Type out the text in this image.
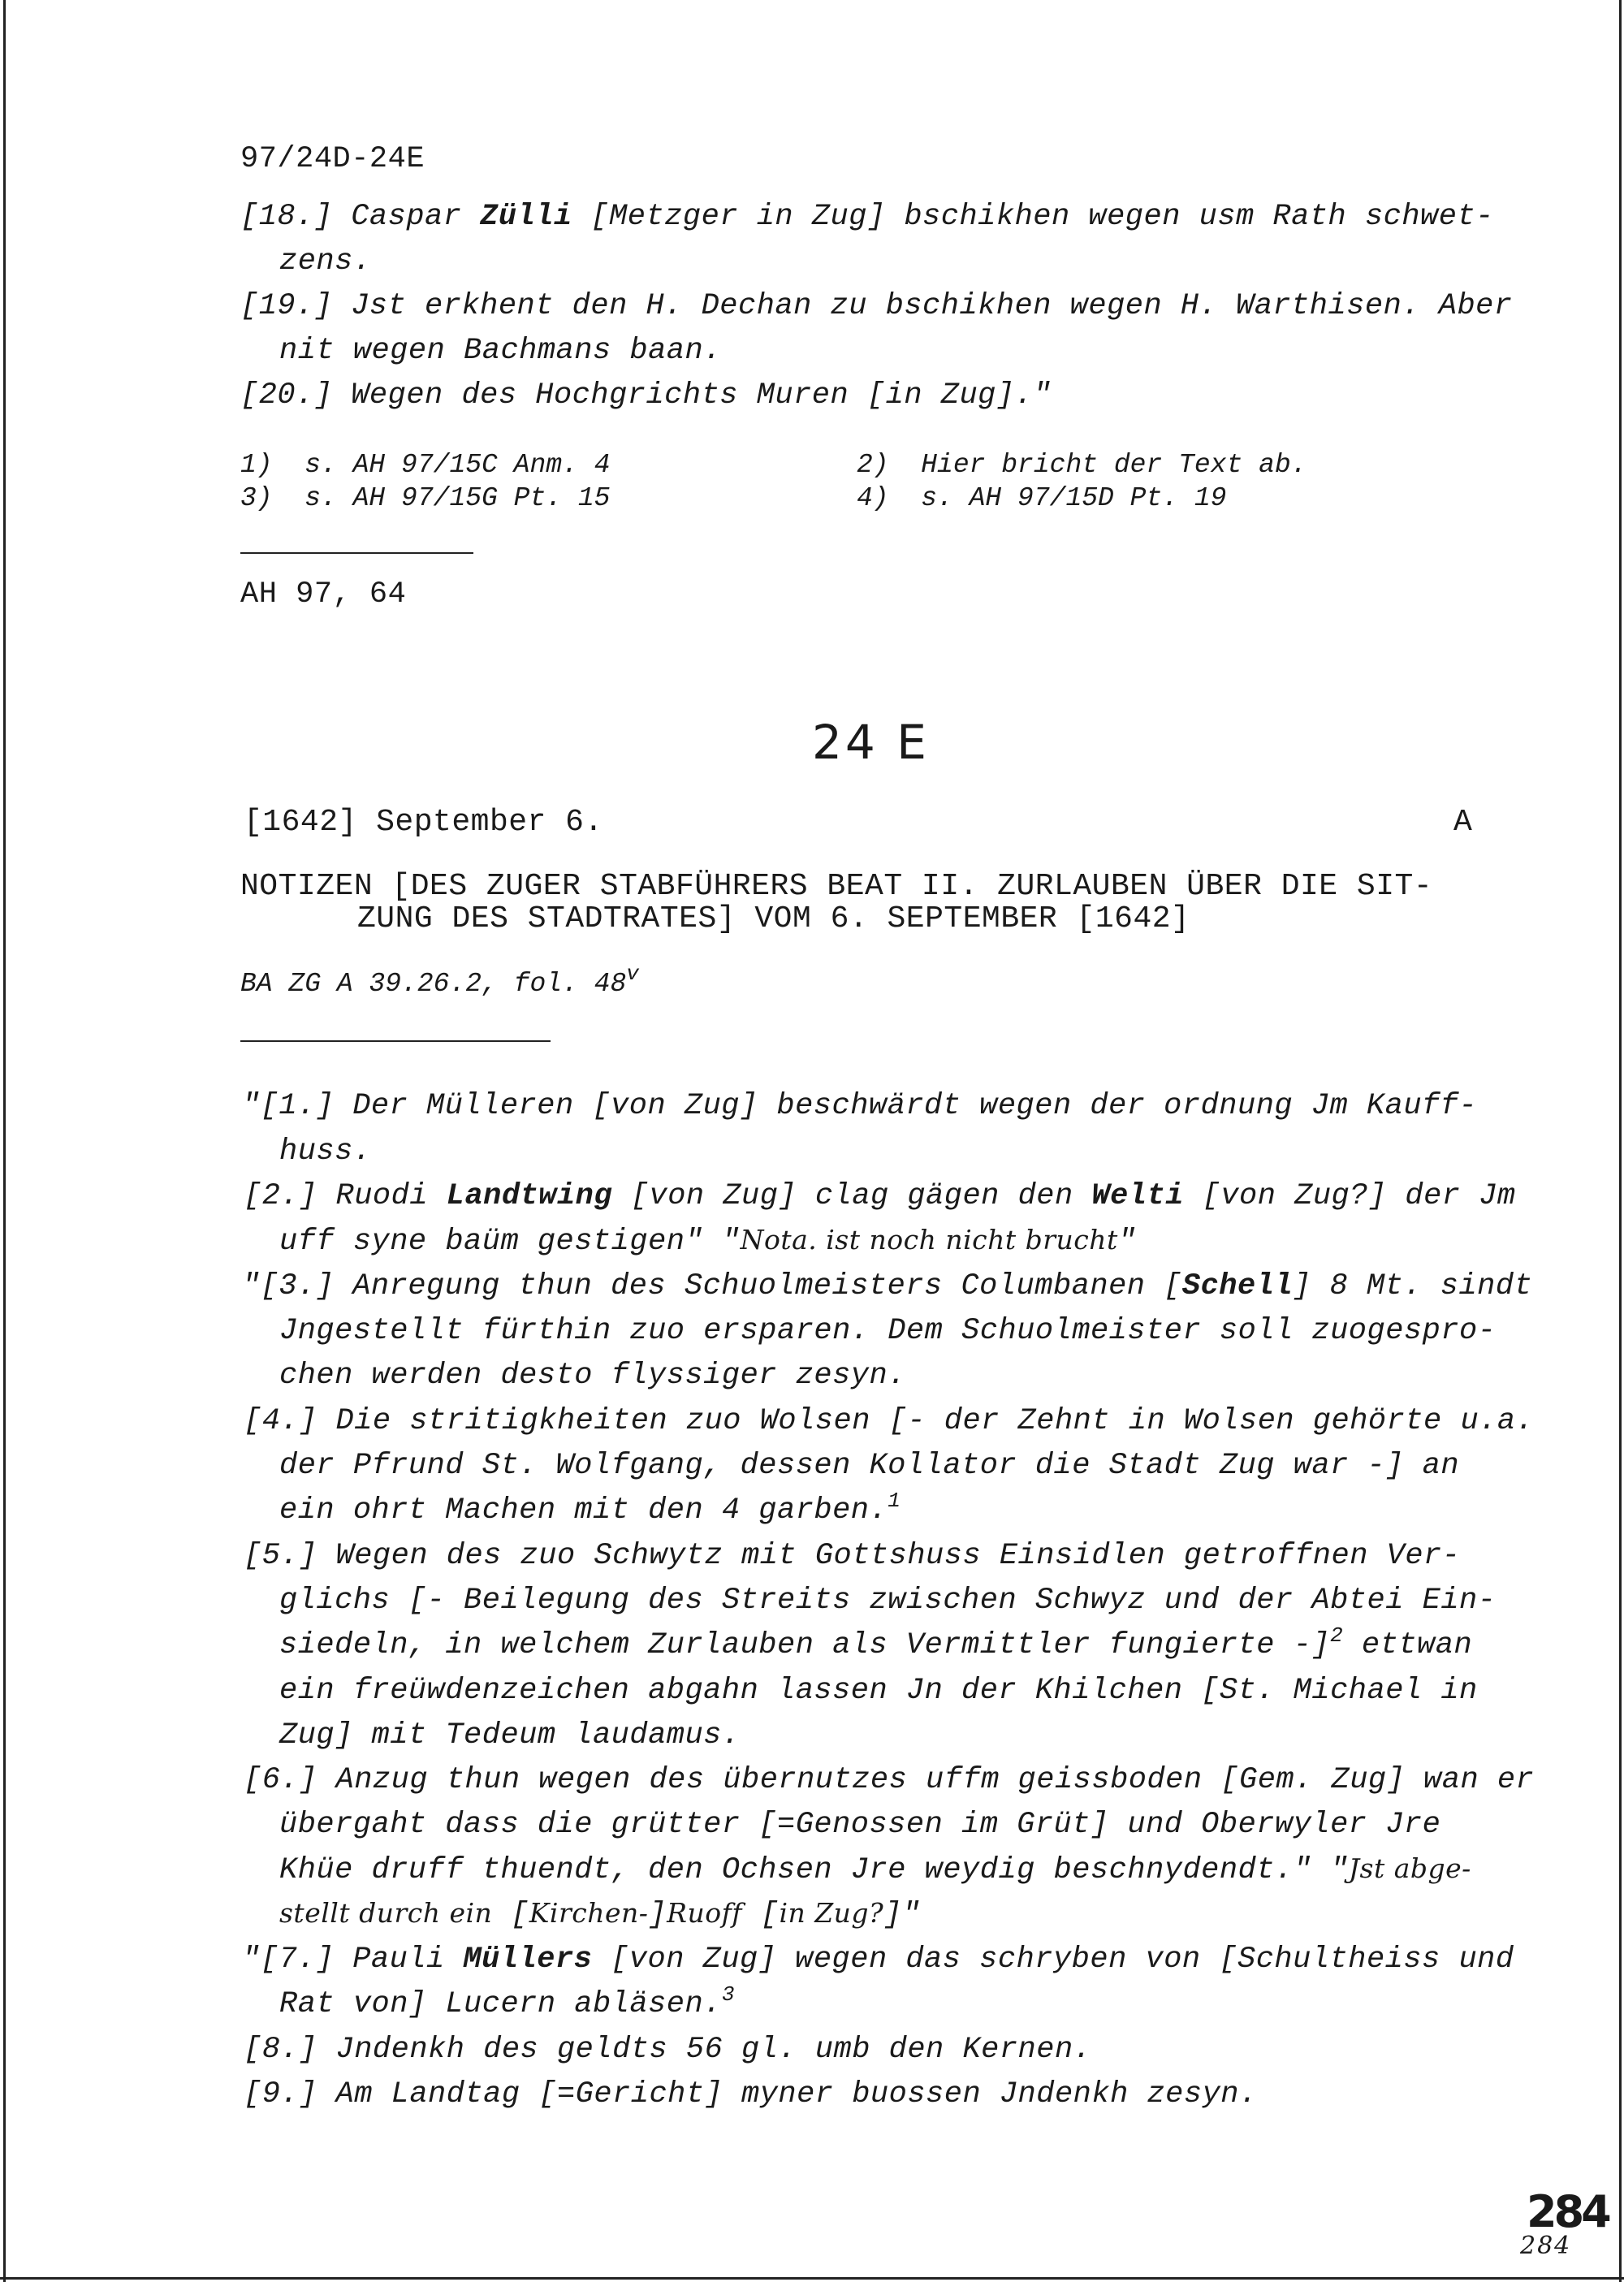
97/24D-24E
[18.] Caspar Zülli [Metzger in Zug] bschikhen wegen usm Rath schwet-
zens.
[19.] Jst erkhent den H. Dechan zu bschikhen wegen H. Warthisen. Aber
nit wegen Bachmans baan.
[20.] Wegen des Hochgrichts Muren [in Zug]."
1) s. AH 97/15C Anm. 4	2) Hier bricht der Text ab.
3) s. AH 97/15G Pt. 15	4) s. AH 97/15D Pt. 19
AH 97, 64
24 E
[1642] September 6.	A
NOTIZEN [DES ZUGER STABFÜHRERS BEAT II. ZURLAUBEN ÜBER DIE SIT-
ZUNG DES STADTRATES] VOM 6. SEPTEMBER [1642]
BA ZG A 39.26.2, fol. 48$^v$
"[1.] Der Mülleren [von Zug] beschwärdt wegen der ordnung Jm Kauff-
huss.
[2.] Ruodi Landtwing [von Zug] clag gägen den Welti [von Zug?] der Jm
uff syne baüm gestigen" "Nota. ist noch nicht brucht"
"[3.] Anregung thun des Schuolmeisters Columbanen [Schell] 8 Mt. sindt
Jngestellt fürthin zuo ersparen. Dem Schuolmeister soll zuogespro-
chen werden desto flyssiger zesyn.
[4.] Die stritigkheiten zuo Wolsen [- der Zehnt in Wolsen gehörte u.a.
der Pfrund St. Wolfgang, dessen Kollator die Stadt Zug war -] an
ein ohrt Machen mit den 4 garben.$^1$
[5.] Wegen des zuo Schwytz mit Gottshuss Einsidlen getroffnen Ver-
glichs [- Beilegung des Streits zwischen Schwyz und der Abtei Ein-
siedeln, in welchem Zurlauben als Vermittler fungierte -]$^2$ ettwan
ein freüwdenzeichen abgahn lassen Jn der Khilchen [St. Michael in
Zug] mit Tedeum laudamus.
[6.] Anzug thun wegen des übernutzes uffm geissboden [Gem. Zug] wan er
übergaht dass die grütter [=Genossen im Grüt] und Oberwyler Jre
Khüe druff thuendt, den Ochsen Jre weydig beschnydendt." "Jst abge-
stellt durch ein [Kirchen-]Ruoff [in Zug?]"
"[7.] Pauli Müllers [von Zug] wegen das schryben von [Schultheiss und
Rat von] Lucern abläsen.$^3$
[8.] Jndenkh des geldts 56 gl. umb den Kernen.
[9.] Am Landtag [=Gericht] myner buossen Jndenkh zesyn.
284
284
